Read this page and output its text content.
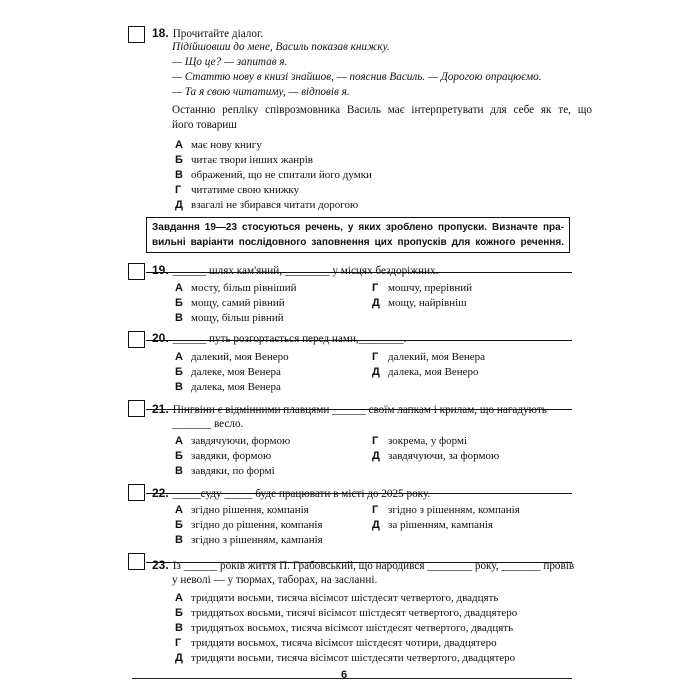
18. Прочитайте діалог.
Підійшовши до мене, Василь показав книжку.
— Що це? — запитав я.
— Статтю нову в книзі знайшов, — пояснив Василь. — Дорогою опрацюємо.
— Та я свою читатиму, — відповів я.
Останню репліку співрозмовника Василь має інтерпретувати для себе як те, що
його товариш
А має нову книгу
Б читає твори інших жанрів
В ображений, що не спитали його думки
Г читатиме свою книжку
Д взагалі не збирався читати дорогою
Завдання 19—23 стосуються речень, у яких зроблено пропуски. Визначте пра-
вильні варіанти послідовного заповнення цих пропусків для кожного речення.
19. ______ шлях кам'яний, ________ у місцях бездоріжних.
А мосту, більш рівніший	Г мошчу, прерівний
Б мощу, самий рівний	Д мощу, найрівніш
В мощу, більш рівний
20. ______ путь розгортається перед нами,________.
А далекий, моя Венеро	Г далекий, моя Венера
Б далеке, моя Венера	Д далека, моя Венеро
В далека, моя Венера
21. Пінгвіни є відмінними плавцями ______ своїм лапкам і крилам, що нагадують
_______ весло.
А завдячуючи, формою	Г зокрема, у формі
Б завдяки, формою	Д завдячуючи, за формою
В завдяки, по формі
22. _____суду _____ буде працювати в місті до 2025 року.
А згідно рішення, компанія	Г згідно з рішенням, компанія
Б згідно до рішення, компанія	Д за рішенням, кампанія
В згідно з рішенням, кампанія
23. Із ______ років життя П. Грабовський, що народився ________ року, _______ провів
у неволі — у тюрмах, таборах, на засланні.
А тридцяти восьми, тисяча вісімсот шістдесят четвертого, двадцять
Б тридцятьох восьми, тисячі вісімсот шістдесят четвертого, двадцятеро
В тридцятьох восьмох, тисяча вісімсот шістдесят четвертого, двадцять
Г тридцяти восьмох, тисяча вісімсот шістдесят чотири, двадцятеро
Д тридцяти восьми, тисяча вісімсот шістдесяти четвертого, двадцятеро
6
